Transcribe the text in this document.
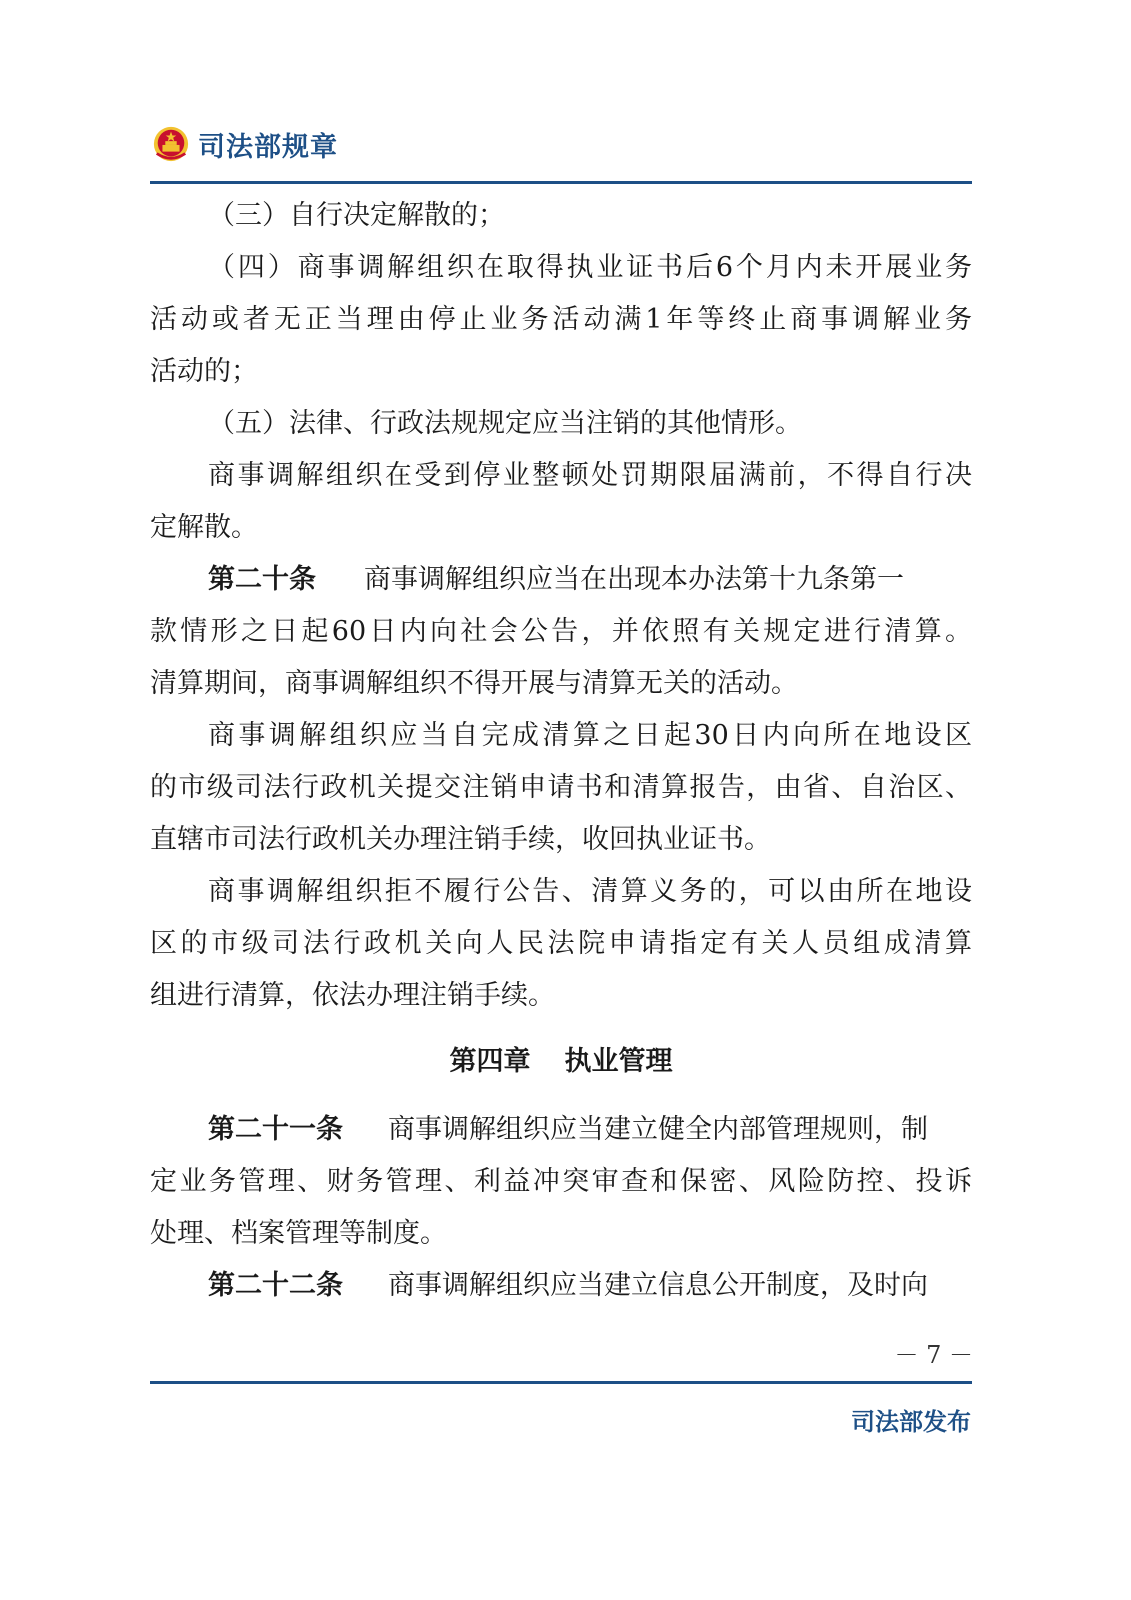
司法部规章
（三）自行决定解散的；
（四）商事调解组织在取得执业证书后6个月内未开展业务
活动或者无正当理由停止业务活动满1年等终止商事调解业务
活动的；
（五）法律、行政法规规定应当注销的其他情形。
商事调解组织在受到停业整顿处罚期限届满前，不得自行决
定解散。
第二十条 商事调解组织应当在出现本办法第十九条第一
款情形之日起60日内向社会公告，并依照有关规定进行清算。
清算期间，商事调解组织不得开展与清算无关的活动。
商事调解组织应当自完成清算之日起30日内向所在地设区
的市级司法行政机关提交注销申请书和清算报告，由省、自治区、
直辖市司法行政机关办理注销手续，收回执业证书。
商事调解组织拒不履行公告、清算义务的，可以由所在地设
区的市级司法行政机关向人民法院申请指定有关人员组成清算
组进行清算，依法办理注销手续。
第四章 执业管理
第二十一条 商事调解组织应当建立健全内部管理规则，制
定业务管理、财务管理、利益冲突审查和保密、风险防控、投诉
处理、档案管理等制度。
第二十二条 商事调解组织应当建立信息公开制度，及时向
－ 7 －
司法部发布
